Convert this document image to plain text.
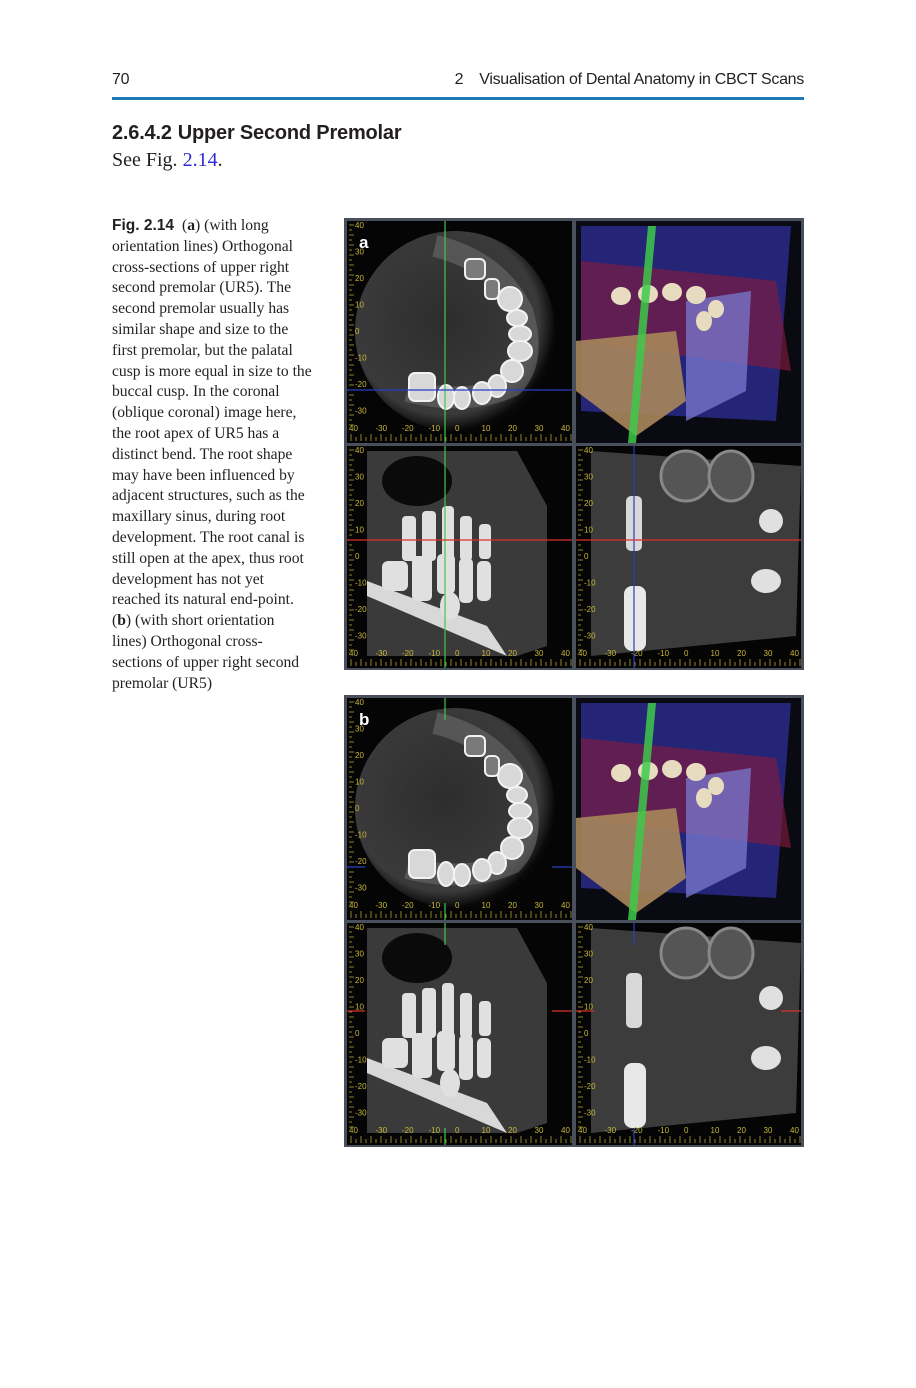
70	2 Visualisation of Dental Anatomy in CBCT Scans
2.6.4.2 Upper Second Premolar
See Fig. 2.14.
Fig. 2.14 (a) (with long orientation lines) Orthogonal cross-sections of upper right second premolar (UR5). The second premolar usually has similar shape and size to the first premolar, but the palatal cusp is more equal in size to the buccal cusp. In the coronal (oblique coronal) image here, the root apex of UR5 has a distinct bend. The root shape may have been influenced by adjacent structures, such as the maxillary sinus, during root development. The root canal is still open at the apex, thus root development has not yet reached its natural end-point.
(b) (with short orientation lines) Orthogonal cross-sections of upper right second premolar (UR5)
40
30
20
10
0
-10
-20
-30
40 -30 -20 -10 0	10 20 30 40
a
40
30
20
10
0
-10
-20
-30
40 -30 -20 -10 0	10 20 30 40
40
30
20
10
0
-10
-20
-30
40 -30 -20 -10 0	10 20 30 40
40
30
20
10
0
-10
-20
-30
40 -30 -20 -10 0	10 20 30 40
b
40
30
20
10
0
-10
-20
-30
40 -30 -20 -10 0	10 20 30 40
40
30
20
10
0
-10
-20
-30
40 -30 -20 -10 0	10 20 30 40
